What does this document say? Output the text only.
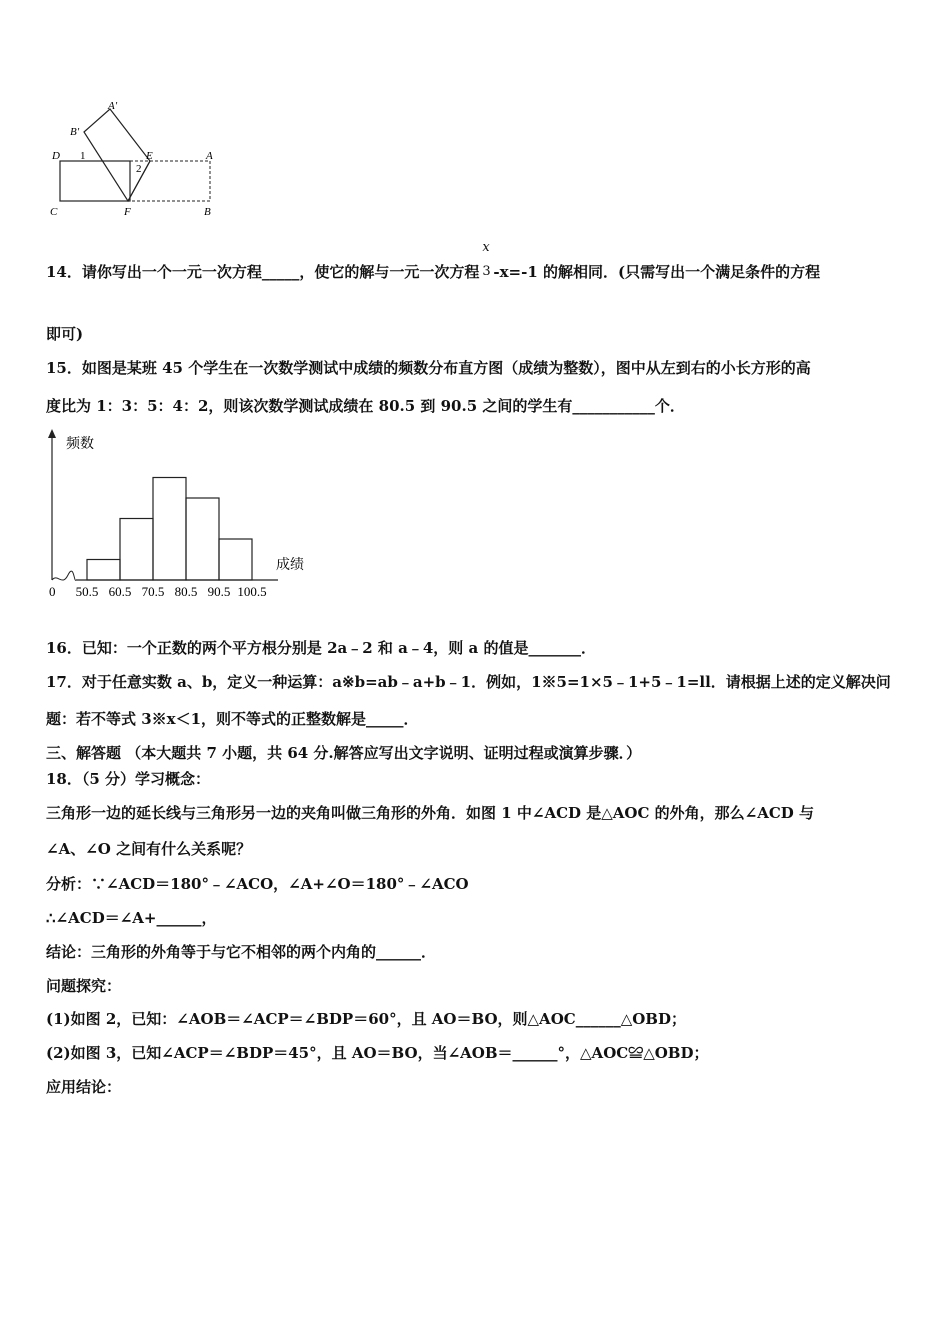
A′
B′
D 1	E	A
2
C	F	B
14．请你写出一个一元一次方程_____，使它的解与一元一次方程
x
3 -x=-1 的解相同．(只需写出一个满足条件的方程
即可)
15．如图是某班 45 个学生在一次数学测试中成绩的频数分布直方图（成绩为整数），图中从左到右的小长方形的高
度比为 1：3：5：4：2，则该次数学测试成绩在 80.5 到 90.5 之间的学生有___________个．
频数
成绩
0 50.5 60.5 70.5 80.5 90.5 100.5
16．已知：一个正数的两个平方根分别是 2a﹣2 和 a﹣4，则 a 的值是_______．
17．对于任意实数 a、b，定义一种运算：a※b=ab﹣a+b﹣1．例如，1※5=1×5﹣1+5﹣1=ll．请根据上述的定义解决问
题：若不等式 3※x＜1，则不等式的正整数解是_____．
三、解答题 （本大题共 7 小题，共 64 分.解答应写出文字说明、证明过程或演算步骤．）
18．（5 分）学习概念：
三角形一边的延长线与三角形另一边的夹角叫做三角形的外角．如图 1 中∠ACD 是△AOC 的外角，那么∠ACD 与
∠A、∠O 之间有什么关系呢？
分析：∵∠ACD＝180°﹣∠ACO，∠A+∠O＝180°﹣∠ACO
∴∠ACD＝∠A+______，
结论：三角形的外角等于与它不相邻的两个内角的______．
问题探究：
(1)如图 2，已知：∠AOB＝∠ACP＝∠BDP＝60°，且 AO＝BO，则△AOC______△OBD；
(2)如图 3，已知∠ACP＝∠BDP＝45°，且 AO＝BO，当∠AOB＝______°，△AOC≌△OBD；
应用结论：
